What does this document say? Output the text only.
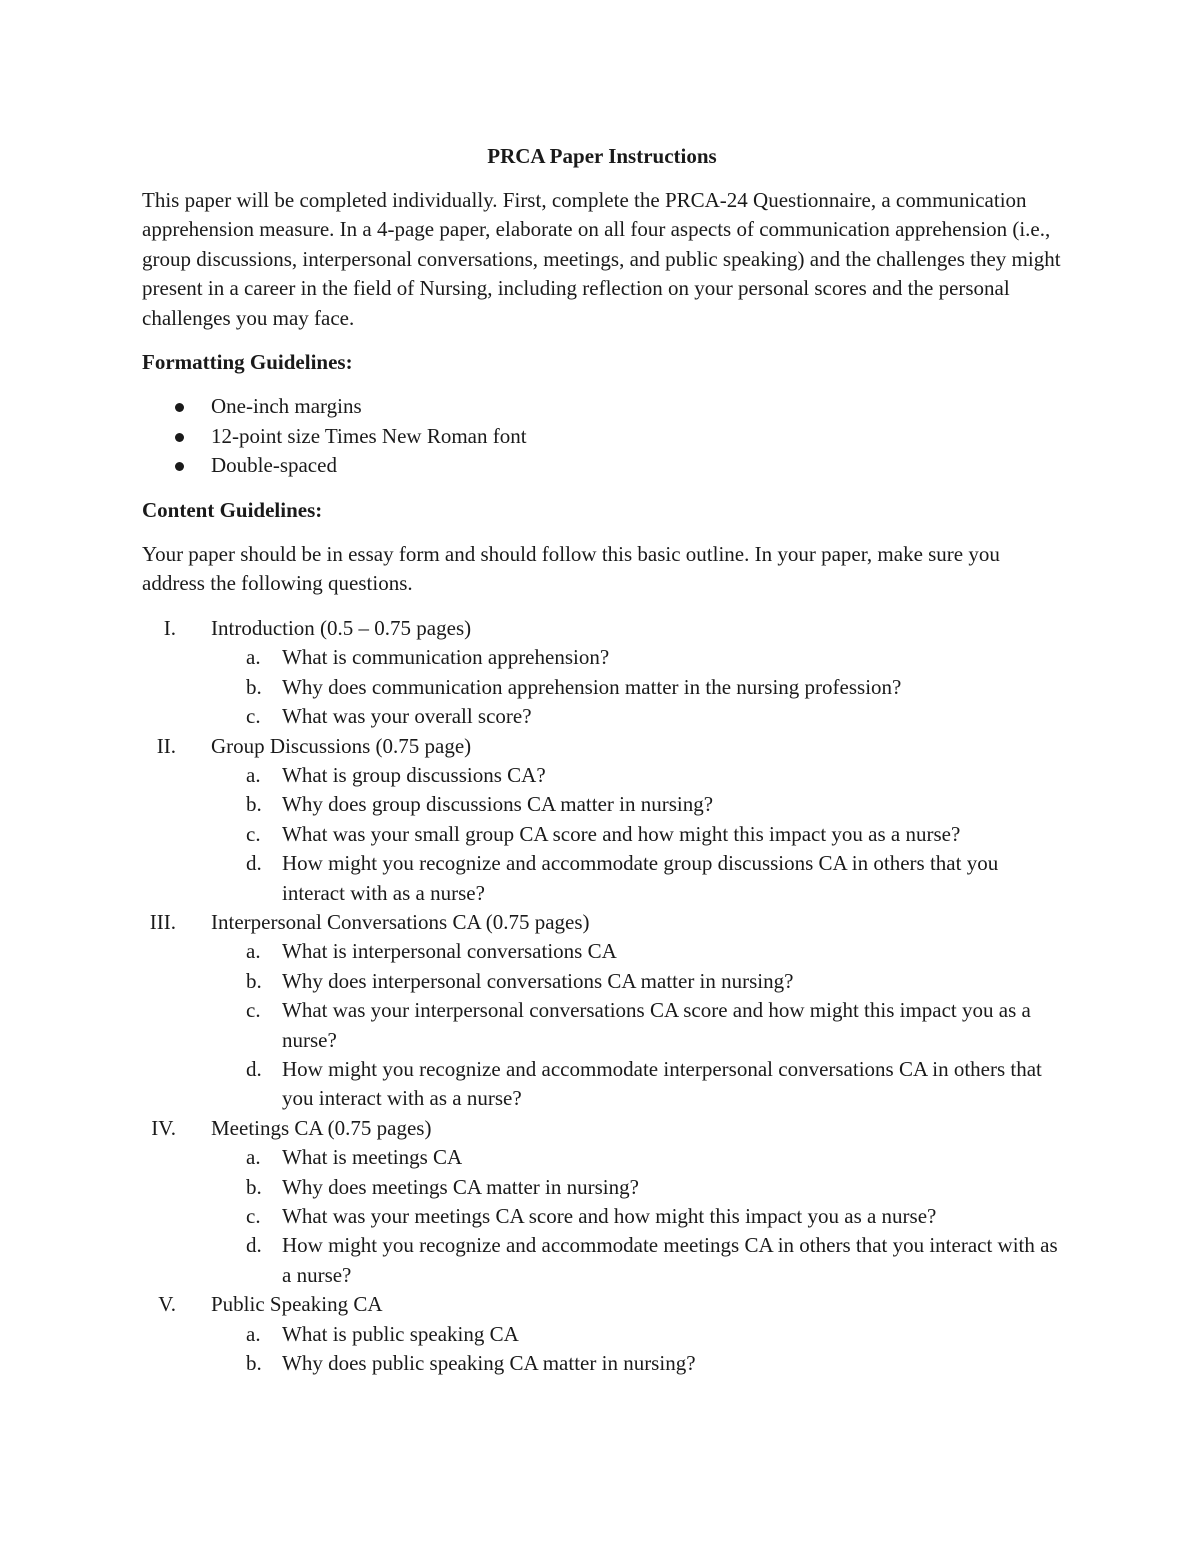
PRCA Paper Instructions

This paper will be completed individually. First, complete the PRCA-24 Questionnaire, a communication apprehension measure. In a 4-page paper, elaborate on all four aspects of communication apprehension (i.e., group discussions, interpersonal conversations, meetings, and public speaking) and the challenges they might present in a career in the field of Nursing, including reflection on your personal scores and the personal challenges you may face.

Formatting Guidelines:

One-inch margins
12-point size Times New Roman font
Double-spaced

Content Guidelines:

Your paper should be in essay form and should follow this basic outline. In your paper, make sure you address the following questions.

I. Introduction (0.5 – 0.75 pages)
a. What is communication apprehension?
b. Why does communication apprehension matter in the nursing profession?
c. What was your overall score?
II. Group Discussions (0.75 page)
a. What is group discussions CA?
b. Why does group discussions CA matter in nursing?
c. What was your small group CA score and how might this impact you as a nurse?
d. How might you recognize and accommodate group discussions CA in others that you interact with as a nurse?
III. Interpersonal Conversations CA (0.75 pages)
a. What is interpersonal conversations CA
b. Why does interpersonal conversations CA matter in nursing?
c. What was your interpersonal conversations CA score and how might this impact you as a nurse?
d. How might you recognize and accommodate interpersonal conversations CA in others that you interact with as a nurse?
IV. Meetings CA (0.75 pages)
a. What is meetings CA
b. Why does meetings CA matter in nursing?
c. What was your meetings CA score and how might this impact you as a nurse?
d. How might you recognize and accommodate meetings CA in others that you interact with as a nurse?
V. Public Speaking CA
a. What is public speaking CA
b. Why does public speaking CA matter in nursing?
